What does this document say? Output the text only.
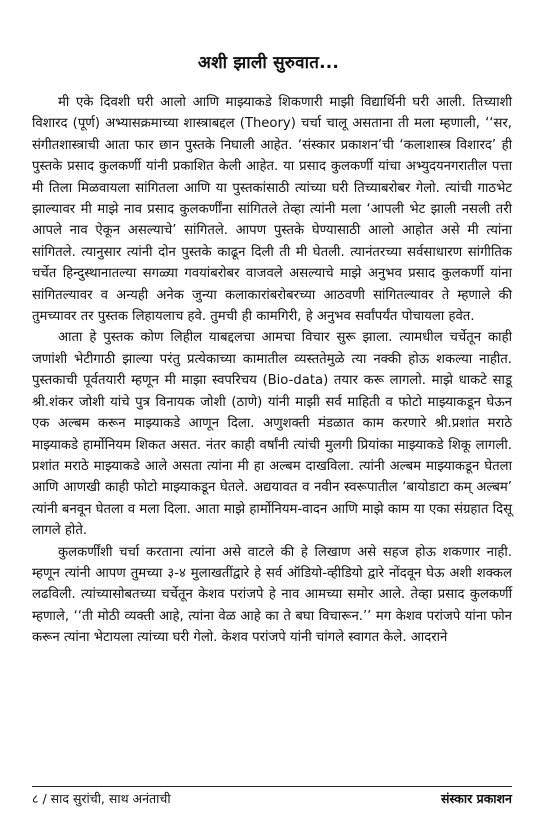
अशी झाली सुरुवात...

मी एके दिवशी घरी आलो आणि माझ्याकडे शिकणारी माझी विद्यार्थिनी घरी आली. तिच्याशी विशारद (पूर्ण) अभ्यासक्रमाच्या शास्त्राबद्दल (Theory) चर्चा चालू असताना ती मला म्हणाली, ‘‘सर, संगीतशास्त्राची आता फार छान पुस्तके निघाली आहेत. ‘संस्कार प्रकाशन’ची ‘कलाशास्त्र विशारद’ ही पुस्तके प्रसाद कुलकर्णी यांनी प्रकाशित केली आहेत. या प्रसाद कुलकर्णी यांचा अभ्युदयनगरातील पत्ता मी तिला मिळवायला सांगितला आणि या पुस्तकांसाठी त्यांच्या घरी तिच्याबरोबर गेलो. त्यांची गाठभेट झाल्यावर मी माझे नाव प्रसाद कुलकर्णींना सांगितले तेव्हा त्यांनी मला ‘आपली भेट झाली नसली तरी आपले नाव ऐकून असल्याचे’ सांगितले. आपण पुस्तके घेण्यासाठी आलो आहोत असे मी त्यांना सांगितले. त्यानुसार त्यांनी दोन पुस्तके काढून दिली ती मी घेतली. त्यानंतरच्या सर्वसाधारण सांगीतिक चर्चेत हिन्दुस्थानातल्या सगळ्या गवयांबरोबर वाजवले असल्याचे माझे अनुभव प्रसाद कुलकर्णी यांना सांगितल्यावर व अन्यही अनेक जुन्या कलाकारांबरोबरच्या आठवणी सांगितल्यावर ते म्हणाले की तुमच्यावर तर पुस्तक लिहायलाच हवे. तुमची ही कामगिरी, हे अनुभव सर्वांपर्यंत पोचायला हवेत.

आता हे पुस्तक कोण लिहील याबद्दलचा आमचा विचार सुरू झाला. त्यामधील चर्चेतून काही जणांशी भेटीगाठी झाल्या परंतु प्रत्येकाच्या कामातील व्यस्ततेमुळे त्या नक्की होऊ शकल्या नाहीत. पुस्तकाची पूर्वतयारी म्हणून मी माझा स्वपरिचय (Bio-data) तयार करू लागलो. माझे धाकटे साडू श्री.शंकर जोशी यांचे पुत्र विनायक जोशी (ठाणे) यांनी माझी सर्व माहिती व फोटो माझ्याकडून घेऊन एक अल्बम करून माझ्याकडे आणून दिला. अणुशक्ती मंडळात काम करणारे श्री.प्रशांत मराठे माझ्याकडे हार्मोनियम शिकत असत. नंतर काही वर्षांनी त्यांची मुलगी प्रियांका माझ्याकडे शिकू लागली. प्रशांत मराठे माझ्याकडे आले असता त्यांना मी हा अल्बम दाखविला. त्यांनी अल्बम माझ्याकडून घेतला आणि आणखी काही फोटो माझ्याकडून घेतले. अद्ययावत व नवीन स्वरूपातील ‘बायोडाटा कम् अल्बम’ त्यांनी बनवून घेतला व मला दिला. आता माझे हार्मोनियम-वादन आणि माझे काम या एका संग्रहात दिसू लागले होते.

कुलकर्णींशी चर्चा करताना त्यांना असे वाटले की हे लिखाण असे सहज होऊ शकणार नाही. म्हणून त्यांनी आपण तुमच्या ३-४ मुलाखतींद्वारे हे सर्व ऑडियो-व्हीडियो द्वारे नोंदवून घेऊ अशी शक्कल लढविली. त्यांच्यासोबतच्या चर्चेतून केशव परांजपे हे नाव आमच्या समोर आले. तेव्हा प्रसाद कुलकर्णी म्हणाले, ‘‘ती मोठी व्यक्ती आहे, त्यांना वेळ आहे का ते बघा विचारून.’’ मग केशव परांजपे यांना फोन करून त्यांना भेटायला त्यांच्या घरी गेलो. केशव परांजपे यांनी चांगले स्वागत केले. आदराने

८ / साद सुरांची, साथ अनंताची	संस्कार प्रकाशन
